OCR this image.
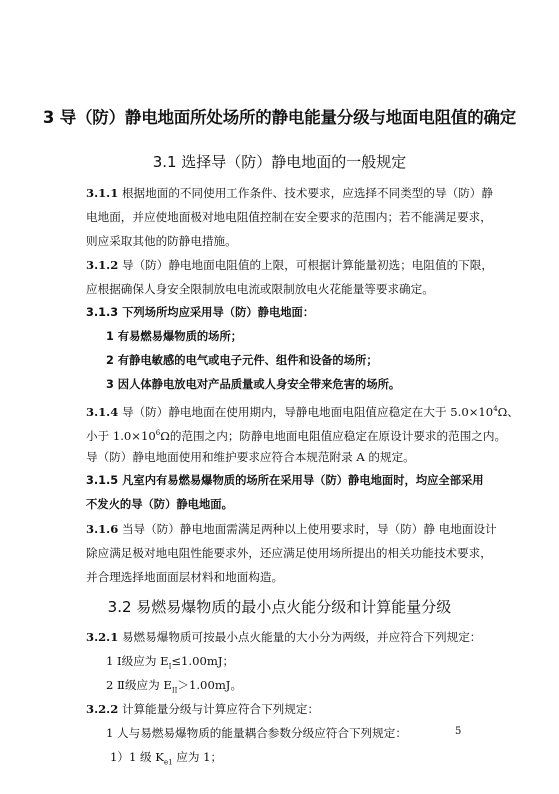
3 导（防）静电地面所处场所的静电能量分级与地面电阻值的确定
3.1 选择导（防）静电地面的一般规定
3.1.1 根据地面的不同使用工作条件、技术要求，应选择不同类型的导（防）静
电地面，并应使地面极对地电阻值控制在安全要求的范围内；若不能满足要求，
则应采取其他的防静电措施。
3.1.2 导（防）静电地面电阻值的上限，可根据计算能量初选；电阻值的下限，
应根据确保人身安全限制放电电流或限制放电火花能量等要求确定。
3.1.3 下列场所均应采用导（防）静电地面：
1 有易燃易爆物质的场所；
2 有静电敏感的电气或电子元件、组件和设备的场所；
3 因人体静电放电对产品质量或人身安全带来危害的场所。
3.1.4 导（防）静电地面在使用期内，导静电地面电阻值应稳定在大于 $5.0\times 10^4\Omega$、
小于 $1.0\times 10^6\Omega$的范围之内；防静电地面电阻值应稳定在原设计要求的范围之内。
导（防）静电地面使用和维护要求应符合本规范附录 A 的规定。
3.1.5 凡室内有易燃易爆物质的场所在采用导（防）静电地面时，均应全部采用
不发火的导（防）静电地面。
3.1.6 当导（防）静电地面需满足两种以上使用要求时，导（防）静 电地面设计
除应满足极对地电阻性能要求外，还应满足使用场所提出的相关功能技术要求，
并合理选择地面面层材料和地面构造。
3.2 易燃易爆物质的最小点火能分级和计算能量分级
3.2.1 易燃易爆物质可按最小点火能量的大小分为两级，并应符合下列规定：
1 Ⅰ级应为 $E_I\le 1.00mJ$；
2 Ⅱ级应为 $E_{II}>1.00mJ$。
3.2.2 计算能量分级与计算应符合下列规定：
1 人与易燃易爆物质的能量耦合参数分级应符合下列规定：
1）1 级 $K_{e1}$ 应为 1；
5
